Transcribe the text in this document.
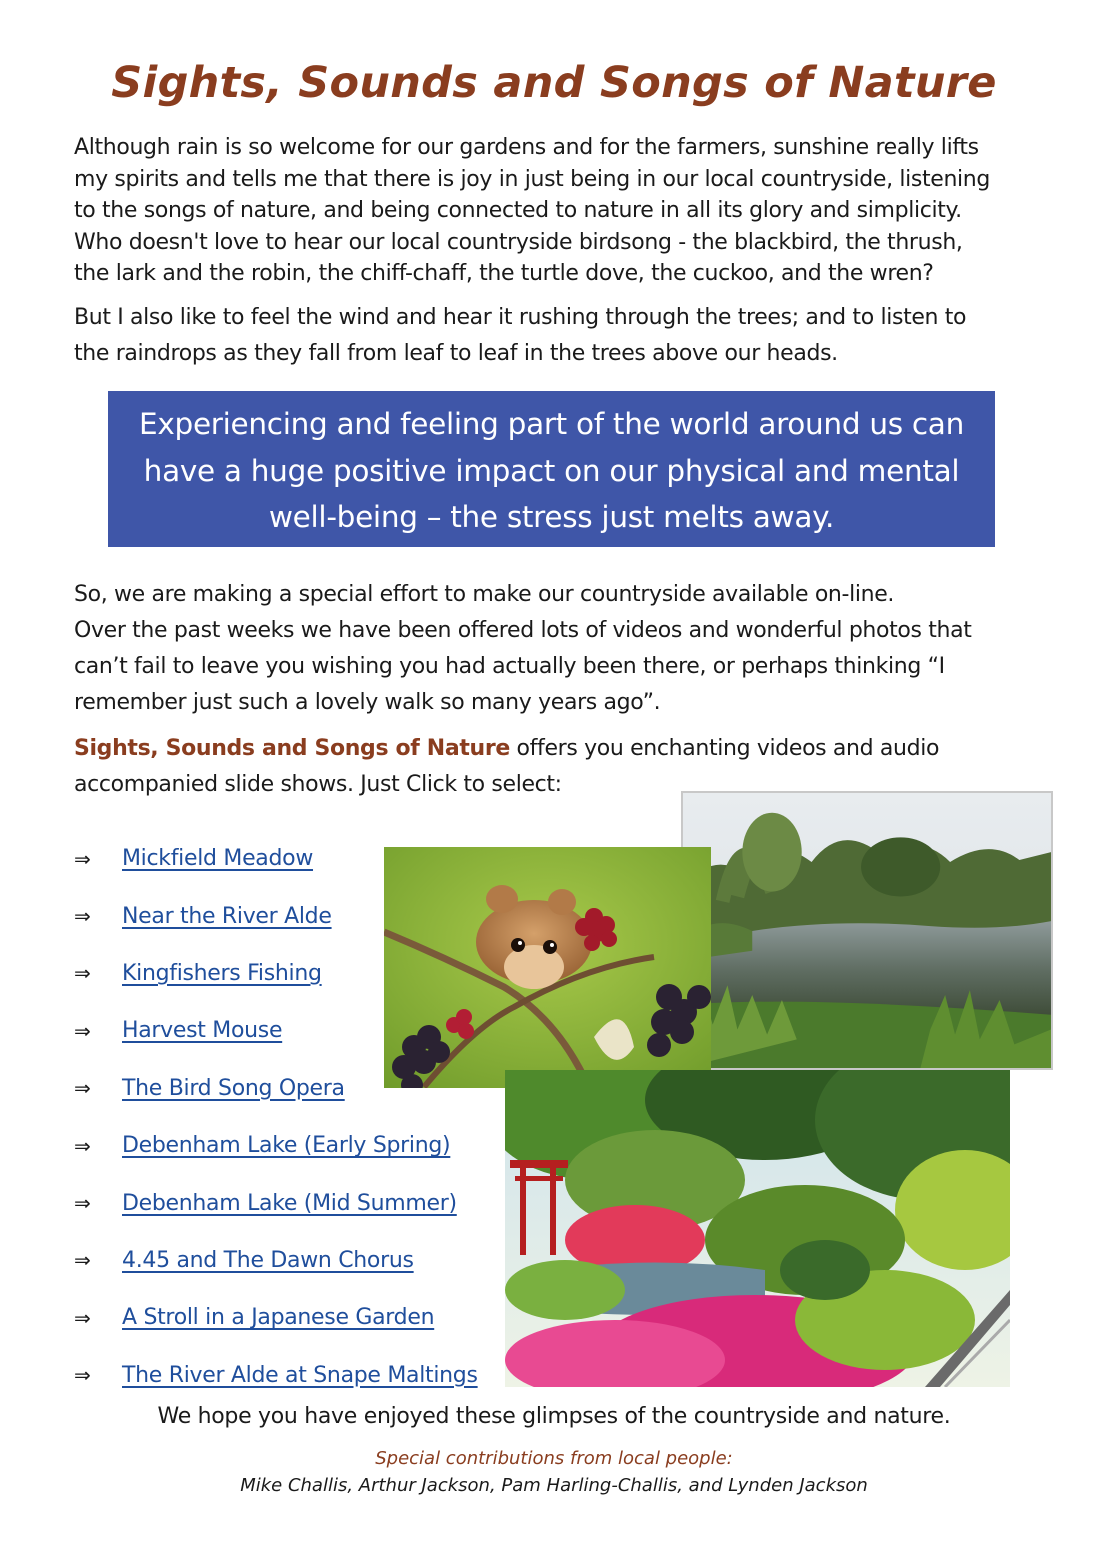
Sights, Sounds and Songs of Nature
Although rain is so welcome for our gardens and for the farmers, sunshine really lifts
my spirits and tells me that there is joy in just being in our local countryside, listening
to the songs of nature, and being connected to nature in all its glory and simplicity.
Who doesn't love to hear our local countryside birdsong - the blackbird, the thrush,
the lark and the robin, the chiff-chaff, the turtle dove, the cuckoo, and the wren?
But I also like to feel the wind and hear it rushing through the trees; and to listen to
the raindrops as they fall from leaf to leaf in the trees above our heads.
Experiencing and feeling part of the world around us can
have a huge positive impact on our physical and mental
well-being – the stress just melts away.
So, we are making a special effort to make our countryside available on-line.
Over the past weeks we have been offered lots of videos and wonderful photos that
can’t fail to leave you wishing you had actually been there, or perhaps thinking “I
remember just such a lovely walk so many years ago”.
Sights, Sounds and Songs of Nature offers you enchanting videos and audio
accompanied slide shows. Just Click to select:
⇒	Mickfield Meadow
⇒	Near the River Alde
⇒	Kingfishers Fishing
⇒	Harvest Mouse
⇒	The Bird Song Opera
⇒	Debenham Lake (Early Spring)
⇒	Debenham Lake (Mid Summer)
⇒	4.45 and The Dawn Chorus
⇒	A Stroll in a Japanese Garden
⇒	The River Alde at Snape Maltings
We hope you have enjoyed these glimpses of the countryside and nature.
Special contributions from local people:
Mike Challis, Arthur Jackson, Pam Harling-Challis, and Lynden Jackson
